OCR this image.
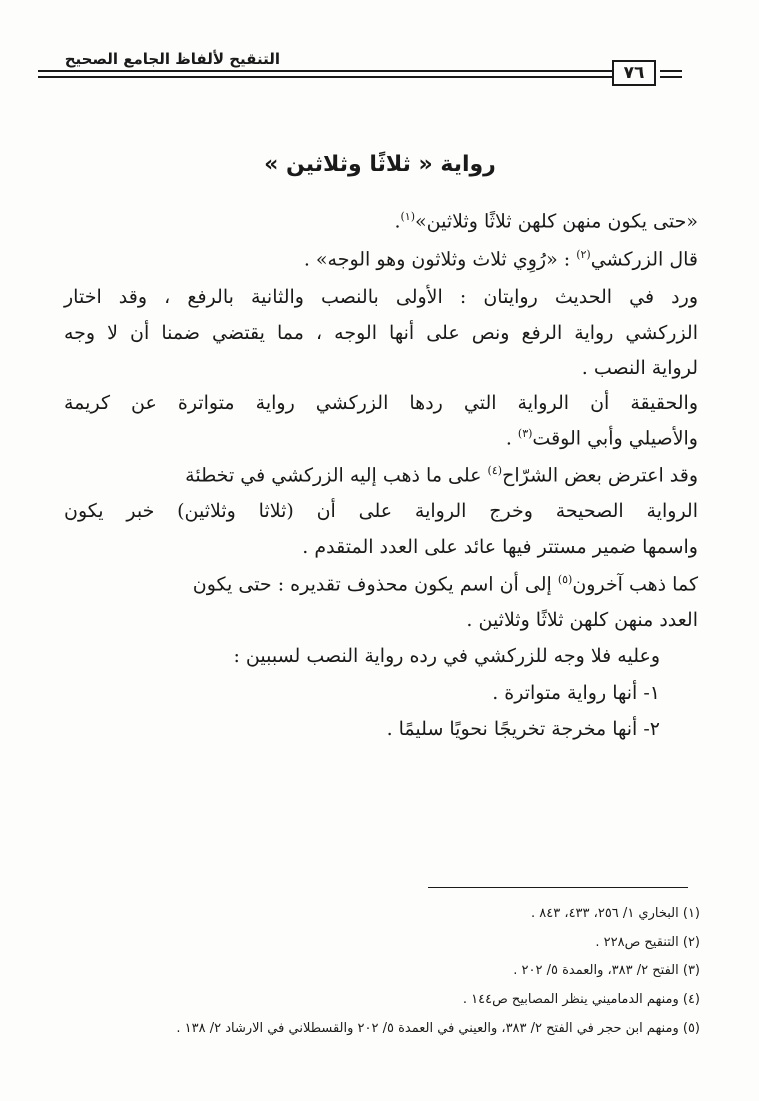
التنقيح لألفاظ الجامع الصحيح
٧٦
رواية « ثلاثًا وثلاثين »
«حتى يكون منهن كلهن ثلاثًا وثلاثين»$^{(١)}$.
قال الزركشي$^{(٢)}$ : «رُوِي ثلاث وثلاثون وهو الوجه» .
ورد في الحديث روايتان : الأولى بالنصب والثانية بالرفع ، وقد اختار
الزركشي رواية الرفع ونص على أنها الوجه ، مما يقتضي ضمنا أن لا وجه
لرواية النصب .
والحقيقة أن الرواية التي ردها الزركشي رواية متواترة عن كريمة
والأصيلي وأبي الوقت$^{(٣)}$ .
وقد اعترض بعض الشرّاح$^{(٤)}$ على ما ذهب إليه الزركشي في تخطئة
الرواية الصحيحة وخرج الرواية على أن (ثلاثا وثلاثين) خبر يكون
واسمها ضمير مستتر فيها عائد على العدد المتقدم .
كما ذهب آخرون$^{(٥)}$ إلى أن اسم يكون محذوف تقديره : حتى يكون
العدد منهن كلهن ثلاثًا وثلاثين .
وعليه فلا وجه للزركشي في رده رواية النصب لسببين :
١- أنها رواية متواترة .
٢- أنها مخرجة تخريجًا نحويًا سليمًا .
(١) البخاري ١/ ٢٥٦، ٤٣٣، ٨٤٣ .
(٢) التنقيح ص٢٢٨ .
(٣) الفتح ٢/ ٣٨٣، والعمدة ٥/ ٢٠٢ .
(٤) ومنهم الدماميني ينظر المصابيح ص١٤٤ .
(٥) ومنهم ابن حجر في الفتح ٢/ ٣٨٣، والعيني في العمدة ٥/ ٢٠٢ والقسطلاني في الارشاد ٢/ ١٣٨ .
